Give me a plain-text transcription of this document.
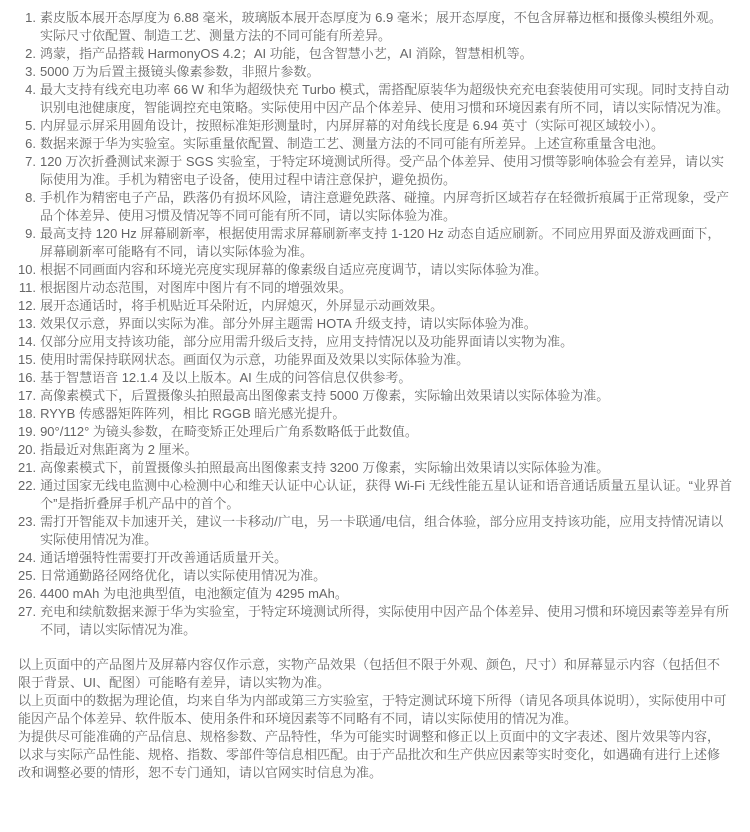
1. 素皮版本展开态厚度为 6.88 毫米，玻璃版本展开态厚度为 6.9 毫米；展开态厚度，不包含屏幕边框和摄像头模组外观。实际尺寸依配置、制造工艺、测量方法的不同可能有所差异。
2. 鸿蒙，指产品搭载 HarmonyOS 4.2；AI 功能，包含智慧小艺，AI 消除，智慧相机等。
3. 5000 万为后置主摄镜头像素参数，非照片参数。
4. 最大支持有线充电功率 66 W 和华为超级快充 Turbo 模式，需搭配原装华为超级快充充电套装使用可实现。同时支持自动识别电池健康度，智能调控充电策略。实际使用中因产品个体差异、使用习惯和环境因素有所不同，请以实际情况为准。
5. 内屏显示屏采用圆角设计，按照标准矩形测量时，内屏屏幕的对角线长度是 6.94 英寸（实际可视区域较小）。
6. 数据来源于华为实验室。实际重量依配置、制造工艺、测量方法的不同可能有所差异。上述宣称重量含电池。
7. 120 万次折叠测试来源于 SGS 实验室，于特定环境测试所得。受产品个体差异、使用习惯等影响体验会有差异，请以实际使用为准。手机为精密电子设备，使用过程中请注意保护，避免损伤。
8. 手机作为精密电子产品，跌落仍有损坏风险，请注意避免跌落、碰撞。内屏弯折区域若存在轻微折痕属于正常现象，受产品个体差异、使用习惯及情况等不同可能有所不同，请以实际体验为准。
9. 最高支持 120 Hz 屏幕刷新率，根据使用需求屏幕刷新率支持 1-120 Hz 动态自适应刷新。不同应用界面及游戏画面下，屏幕刷新率可能略有不同，请以实际体验为准。
10. 根据不同画面内容和环境光亮度实现屏幕的像素级自适应亮度调节，请以实际体验为准。
11. 根据图片动态范围，对图库中图片有不同的增强效果。
12. 展开态通话时，将手机贴近耳朵附近，内屏熄灭，外屏显示动画效果。
13. 效果仅示意，界面以实际为准。部分外屏主题需 HOTA 升级支持，请以实际体验为准。
14. 仅部分应用支持该功能，部分应用需升级后支持，应用支持情况以及功能界面请以实物为准。
15. 使用时需保持联网状态。画面仅为示意，功能界面及效果以实际体验为准。
16. 基于智慧语音 12.1.4 及以上版本。AI 生成的问答信息仅供参考。
17. 高像素模式下，后置摄像头拍照最高出图像素支持 5000 万像素，实际输出效果请以实际体验为准。
18. RYYB 传感器矩阵阵列，相比 RGGB 暗光感光提升。
19. 90°/112° 为镜头参数，在畸变矫正处理后广角系数略低于此数值。
20. 指最近对焦距离为 2 厘米。
21. 高像素模式下，前置摄像头拍照最高出图像素支持 3200 万像素，实际输出效果请以实际体验为准。
22. 通过国家无线电监测中心检测中心和维天认证中心认证，获得 Wi-Fi 无线性能五星认证和语音通话质量五星认证。“业界首个”是指折叠屏手机产品中的首个。
23. 需打开智能双卡加速开关，建议一卡移动/广电，另一卡联通/电信，组合体验，部分应用支持该功能，应用支持情况请以实际使用情况为准。
24. 通话增强特性需要打开改善通话质量开关。
25. 日常通勤路径网络优化，请以实际使用情况为准。
26. 4400 mAh 为电池典型值，电池额定值为 4295 mAh。
27. 充电和续航数据来源于华为实验室，于特定环境测试所得，实际使用中因产品个体差异、使用习惯和环境因素等差异有所不同，请以实际情况为准。

以上页面中的产品图片及屏幕内容仅作示意，实物产品效果（包括但不限于外观、颜色，尺寸）和屏幕显示内容（包括但不限于背景、UI、配图）可能略有差异，请以实物为准。

以上页面中的数据为理论值，均来自华为内部或第三方实验室，于特定测试环境下所得（请见各项具体说明），实际使用中可能因产品个体差异、软件版本、使用条件和环境因素等不同略有不同，请以实际使用的情况为准。

为提供尽可能准确的产品信息、规格参数、产品特性，华为可能实时调整和修正以上页面中的文字表述、图片效果等内容，以求与实际产品性能、规格、指数、零部件等信息相匹配。由于产品批次和生产供应因素等实时变化，如遇确有进行上述修改和调整必要的情形，恕不专门通知，请以官网实时信息为准。
